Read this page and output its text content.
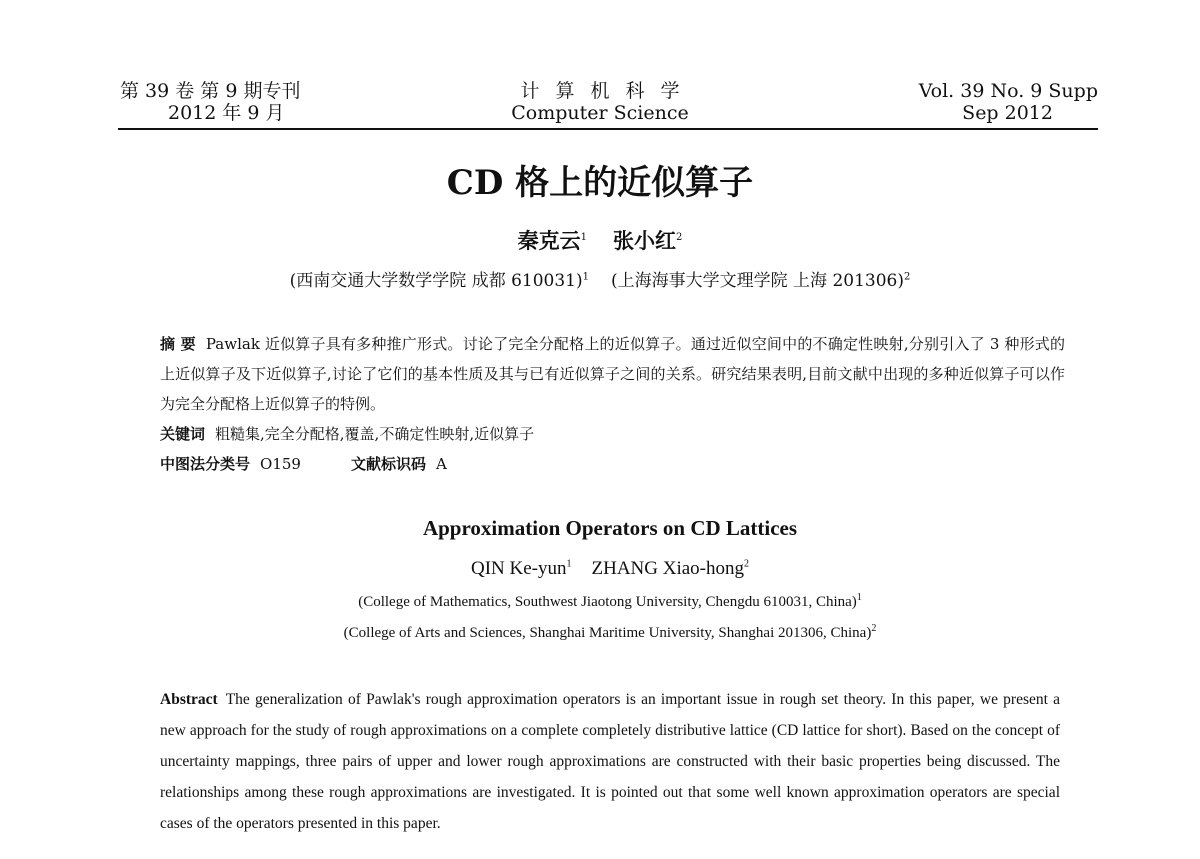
第 39 卷 第 9 期专刊
2012 年 9 月
计算机科学
Computer Science
Vol. 39 No. 9 Supp
Sep 2012
CD 格上的近似算子
秦克云$^1$ 张小红$^2$
(西南交通大学数学学院 成都 610031)$^1$ (上海海事大学文理学院 上海 201306)$^2$
摘 要 Pawlak 近似算子具有多种推广形式。讨论了完全分配格上的近似算子。通过近似空间中的不确定性映射,分别引入了 3 种形式的上近似算子及下近似算子,讨论了它们的基本性质及其与已有近似算子之间的关系。研究结果表明,目前文献中出现的多种近似算子可以作为完全分配格上近似算子的特例。
关键词 粗糙集,完全分配格,覆盖,不确定性映射,近似算子
中图法分类号 O159	文献标识码 A
Approximation Operators on CD Lattices
QIN Ke-yun$^1$ ZHANG Xiao-hong$^2$
(College of Mathematics, Southwest Jiaotong University, Chengdu 610031, China)$^1$
(College of Arts and Sciences, Shanghai Maritime University, Shanghai 201306, China)$^2$
Abstract The generalization of Pawlak's rough approximation operators is an important issue in rough set theory. In this paper, we present a new approach for the study of rough approximations on a complete completely distributive lattice (CD lattice for short). Based on the concept of uncertainty mappings, three pairs of upper and lower rough approximations are constructed with their basic properties being discussed. The relationships among these rough approximations are investigated. It is pointed out that some well known approximation operators are special cases of the operators presented in this paper.
